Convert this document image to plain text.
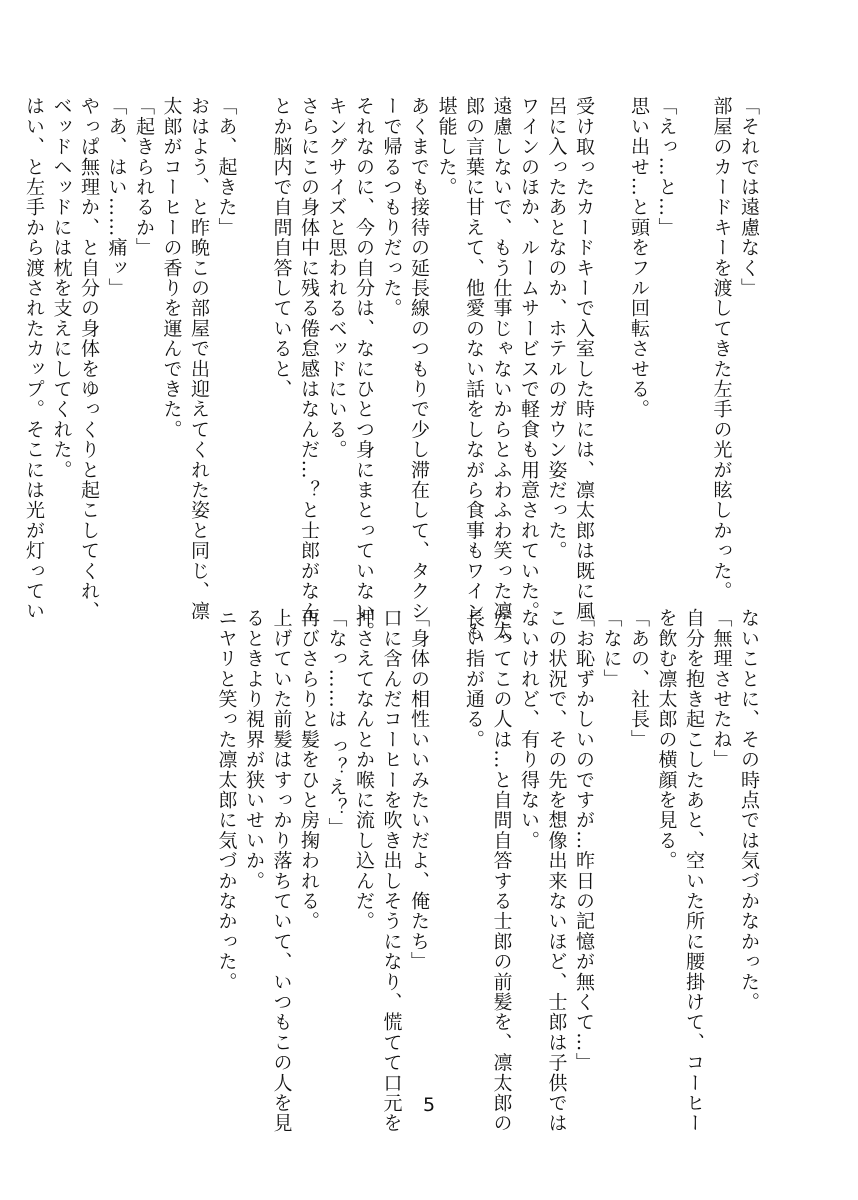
「それでは遠慮なく」
部屋のカードキーを渡してきた左手の光が眩しかった。

「えっ…と…」
思い出せ…と頭をフル回転させる。

受け取ったカードキーで入室した時には、凛太郎は既に風
呂に入ったあとなのか、ホテルのガウン姿だった。
ワインのほか、ルームサービスで軽食も用意されていた。
遠慮しないで、もう仕事じゃないからとふわふわ笑った凛太
郎の言葉に甘えて、他愛のない話をしながら食事もワインも
堪能した。
あくまでも接待の延長線のつもりで少し滞在して、タクシ
ーで帰るつもりだった。
それなのに、今の自分は、なにひとつ身にまとっていない。
キングサイズと思われるベッドにいる。
さらにこの身体中に残る倦怠感はなんだ…？と士郎がなん
とか脳内で自問自答していると、

「あ、起きた」
おはよう、と昨晩この部屋で出迎えてくれた姿と同じ、凛
太郎がコーヒーの香りを運んできた。
「起きられるか」
「あ、はい……痛ッ」
やっぱ無理か、と自分の身体をゆっくりと起こしてくれ、
ベッドヘッドには枕を支えにしてくれた。
はい、と左手から渡されたカップ。そこには光が灯ってい
ないことに、その時点では気づかなかった。
「無理させたね」
自分を抱き起こしたあと、空いた所に腰掛けて、コーヒー
を飲む凛太郎の横顔を見る。
「あの、社長」
「なに」
「お恥ずかしいのですが…昨日の記憶が無くて…」
この状況で、その先を想像出来ないほど、士郎は子供では
ないけれど、有り得ない。
だってこの人は…と自問自答する士郎の前髪を、凛太郎の
長い指が通る。

「身体の相性いいみたいだよ、俺たち」
口に含んだコーヒーを吹き出しそうになり、慌てて口元を
押さえてなんとか喉に流し込んだ。
「なっ……は っ？え？」
再びさらりと髪をひと房掬われる。
上げていた前髪はすっかり落ちていて、いつもこの人を見
るときより視界が狭いせいか。
ニヤリと笑った凛太郎に気づかなかった。
5
